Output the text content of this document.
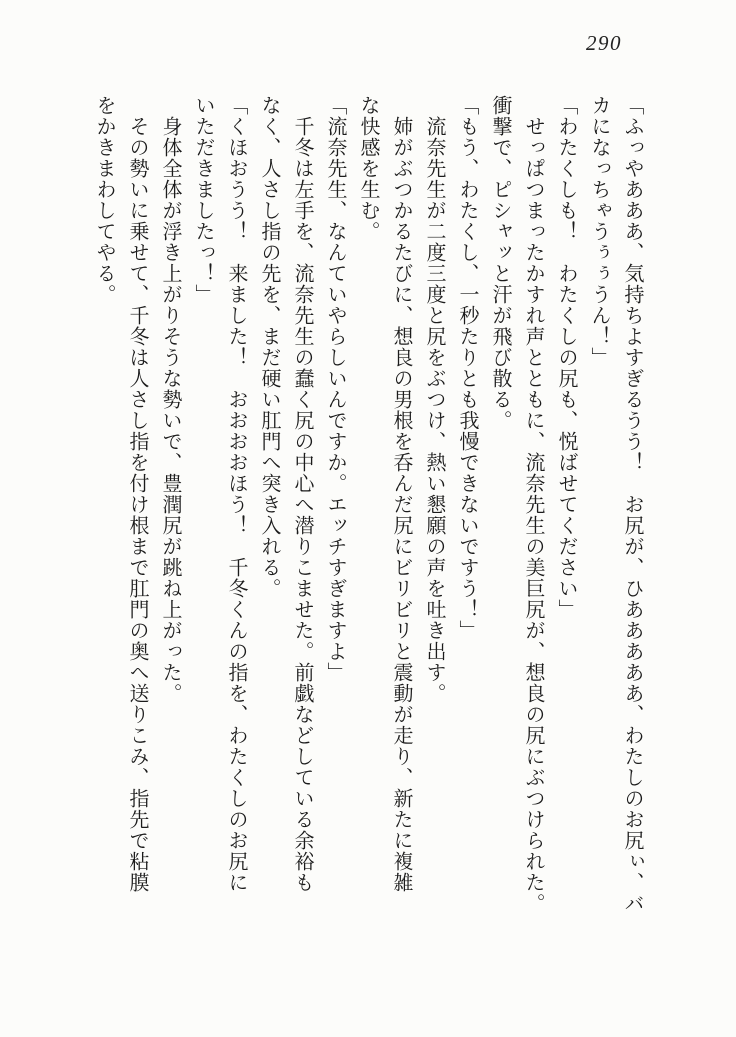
290
「ふっやあああ、気持ちよすぎるうう！　お尻が、ひあああああ、わたしのお尻ぃ、バ
カになっちゃうぅぅうん！」
「わたくしも！　わたくしの尻も、悦ばせてください」
せっぱつまったかすれ声とともに、流奈先生の美巨尻が、想良の尻にぶつけられた。
衝撃で、ピシャッと汗が飛び散る。
「もう、わたくし、一秒たりとも我慢できないですう！」
流奈先生が二度三度と尻をぶつけ、熱い懇願の声を吐き出す。
姉がぶつかるたびに、想良の男根を呑んだ尻にビリビリと震動が走り、新たに複雑
な快感を生む。
「流奈先生、なんていやらしいんですか。エッチすぎますよ」
千冬は左手を、流奈先生の蠢く尻の中心へ潜りこませた。前戯などしている余裕も
なく、人さし指の先を、まだ硬い肛門へ突き入れる。
「くほおうう！　来ました！　おおおおほう！　千冬くんの指を、わたくしのお尻に
いただきましたっ！」
身体全体が浮き上がりそうな勢いで、豊潤尻が跳ね上がった。
その勢いに乗せて、千冬は人さし指を付け根まで肛門の奥へ送りこみ、指先で粘膜
をかきまわしてやる。
